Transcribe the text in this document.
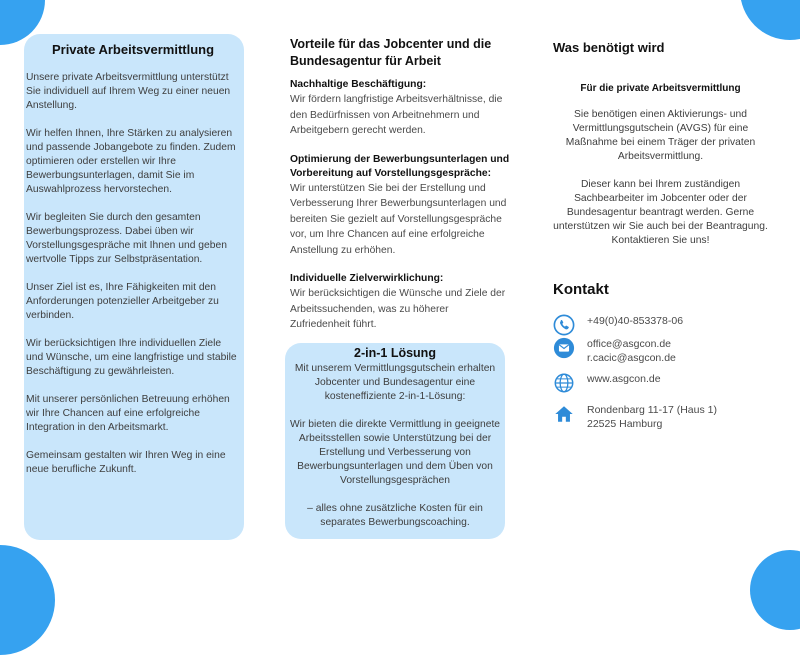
Private Arbeitsvermittlung

Unsere private Arbeitsvermittlung unterstützt Sie individuell auf Ihrem Weg zu einer neuen Anstellung.

Wir helfen Ihnen, Ihre Stärken zu analysieren und passende Jobangebote zu finden. Zudem optimieren oder erstellen wir Ihre Bewerbungsunterlagen, damit Sie im Auswahlprozess hervorstechen.

Wir begleiten Sie durch den gesamten Bewerbungsprozess. Dabei üben wir Vorstellungsgespräche mit Ihnen und geben wertvolle Tipps zur Selbstpräsentation.

Unser Ziel ist es, Ihre Fähigkeiten mit den Anforderungen potenzieller Arbeitgeber zu verbinden.

Wir berücksichtigen Ihre individuellen Ziele und Wünsche, um eine langfristige und stabile Beschäftigung zu gewährleisten.

Mit unserer persönlichen Betreuung erhöhen wir Ihre Chancen auf eine erfolgreiche Integration in den Arbeitsmarkt.

Gemeinsam gestalten wir Ihren Weg in eine neue berufliche Zukunft.

Vorteile für das Jobcenter und die Bundesagentur für Arbeit

Nachhaltige Beschäftigung:

Wir fördern langfristige Arbeitsverhältnisse, die den Bedürfnissen von Arbeitnehmern und Arbeitgebern gerecht werden.

Optimierung der Bewerbungsunterlagen und Vorbereitung auf Vorstellungsgespräche:

Wir unterstützen Sie bei der Erstellung und Verbesserung Ihrer Bewerbungsunterlagen und bereiten Sie gezielt auf Vorstellungsgespräche vor, um Ihre Chancen auf eine erfolgreiche Anstellung zu erhöhen.

Individuelle Zielverwirklichung:

Wir berücksichtigen die Wünsche und Ziele der Arbeitssuchenden, was zu höherer Zufriedenheit führt.

2-in-1 Lösung

Mit unserem Vermittlungsgutschein erhalten Jobcenter und Bundesagentur eine kosteneffiziente 2-in-1-Lösung:

Wir bieten die direkte Vermittlung in geeignete Arbeitsstellen sowie Unterstützung bei der Erstellung und Verbesserung von Bewerbungsunterlagen und dem Üben von Vorstellungsgesprächen

– alles ohne zusätzliche Kosten für ein separates Bewerbungscoaching.

Was benötigt wird

Für die private Arbeitsvermittlung

Sie benötigen einen Aktivierungs- und Vermittlungsgutschein (AVGS) für eine Maßnahme bei einem Träger der privaten Arbeitsvermittlung.

Dieser kann bei Ihrem zuständigen Sachbearbeiter im Jobcenter oder der Bundesagentur beantragt werden. Gerne unterstützen wir Sie auch bei der Beantragung. Kontaktieren Sie uns!

Kontakt
+49(0)40-853378-06
office@asgcon.de
r.cacic@asgcon.de
www.asgcon.de
Rondenbarg 11-17 (Haus 1)
22525 Hamburg
